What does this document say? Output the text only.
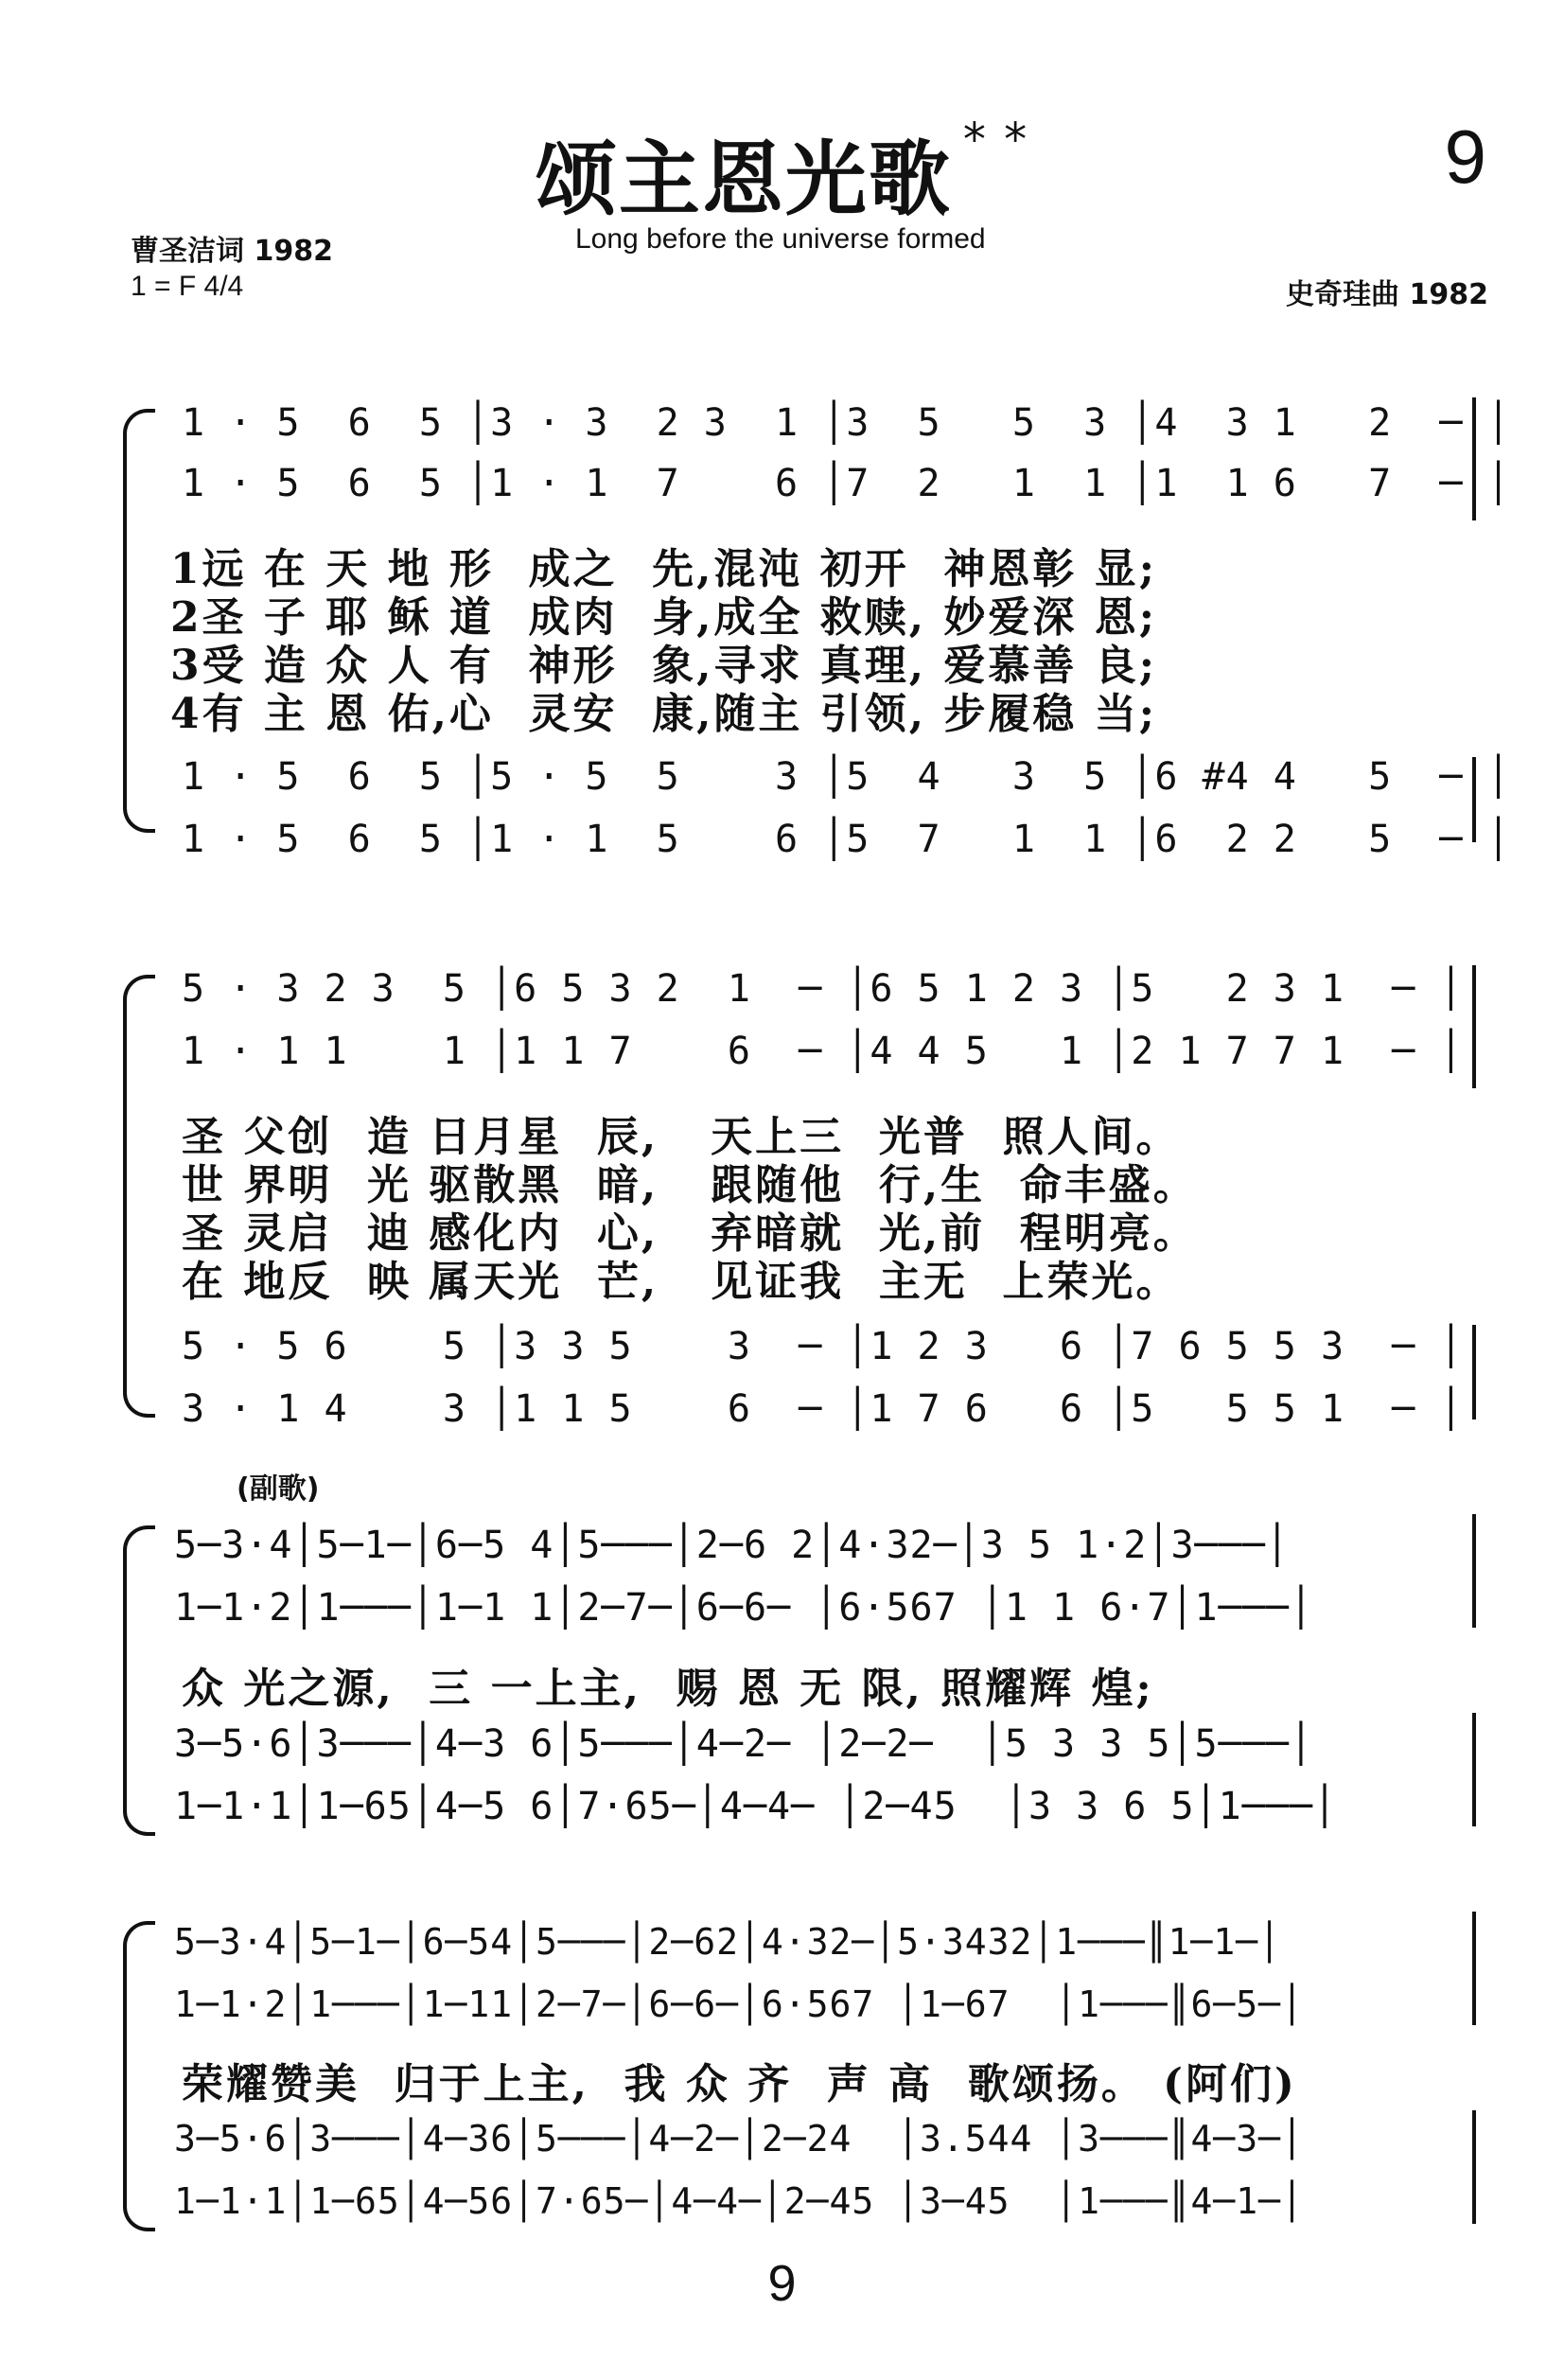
颂主恩光歌 * *	9
Long before the universe formed
曹圣洁词 1982
1 = F 4/4	史奇珪曲 1982
1 · 5  6  5 │3 · 3  2 3  1 │3  5   5  3 │4  3 1   2  ─ │
1 · 5  6  5 │1 · 1  7    6 │7  2   1  1 │1  1 6   7  ─ │
1远 在 天 地 形  成之  先,混沌 初开  神恩彰 显;
2圣 子 耶 稣 道  成肉  身,成全 救赎, 妙爱深 恩;
3受 造 众 人 有  神形  象,寻求 真理, 爱慕善 良;
4有 主 恩 佑,心  灵安  康,随主 引领, 步履稳 当;
1 · 5  6  5 │5 · 5  5    3 │5  4   3  5 │6 #4 4   5  ─ │
1 · 5  6  5 │1 · 1  5    6 │5  7   1  1 │6  2 2   5  ─ │
5 · 3 2 3  5 │6 5 3 2  1  ─ │6 5 1 2 3 │5   2 3 1  ─ │
1 · 1 1    1 │1 1 7    6  ─ │4 4 5   1 │2 1 7 7 1  ─ │
圣 父创  造 日月星  辰,   天上三  光普  照人间。
世 界明  光 驱散黑  暗,   跟随他  行,生  命丰盛。
圣 灵启  迪 感化内  心,   弃暗就  光,前  程明亮。
在 地反  映 属天光  芒,   见证我  主无  上荣光。
5 · 5 6    5 │3 3 5    3  ─ │1 2 3   6 │7 6 5 5 3  ─ │
3 · 1 4    3 │1 1 5    6  ─ │1 7 6   6 │5   5 5 1  ─ │
(副歌)
5─3·4│5─1─│6─5 4│5───│2─6 2│4·32─│3 5 1·2│3───│
1─1·2│1───│1─1 1│2─7─│6─6─ │6·567 │1 1 6·7│1───│
众 光之源,  三 一上主,  赐 恩 无 限, 照耀辉 煌;
3─5·6│3───│4─3 6│5───│4─2─ │2─2─  │5 3 3 5│5───│
1─1·1│1─65│4─5 6│7·65─│4─4─ │2─45  │3 3 6 5│1───│
5─3·4│5─1─│6─54│5───│2─62│4·32─│5·3432│1───║1─1─│
1─1·2│1───│1─11│2─7─│6─6─│6·567 │1─67  │1───║6─5─│
荣耀赞美  归于上主,  我 众 齐  声 高  歌颂扬。 (阿们)
3─5·6│3───│4─36│5───│4─2─│2─24  │3.544 │3───║4─3─│
1─1·1│1─65│4─56│7·65─│4─4─│2─45 │3─45  │1───║4─1─│
9
